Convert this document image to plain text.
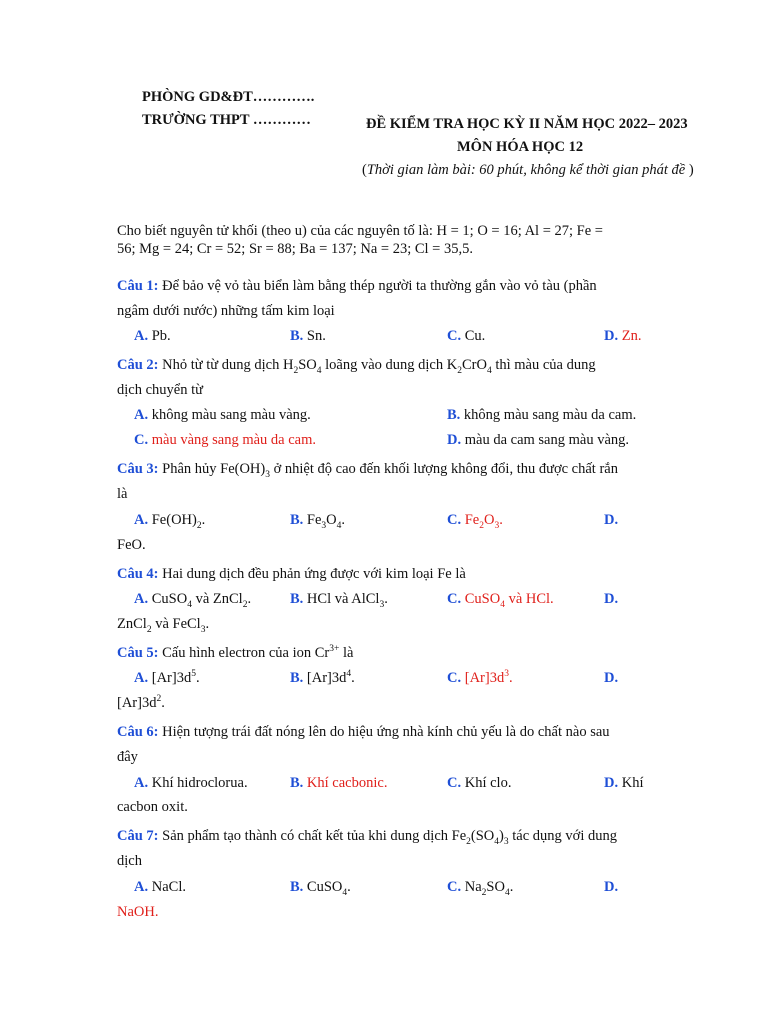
PHÒNG GD&ĐT………….
TRƯỜNG THPT …………	ĐỀ KIỂM TRA HỌC KỲ II NĂM HỌC 2022– 2023
MÔN HÓA HỌC 12
(Thời gian làm bài: 60 phút, không kể thời gian phát đề )
Cho biết nguyên tử khối (theo u) của các nguyên tố là: H = 1; O = 16; Al = 27; Fe =
56; Mg = 24; Cr = 52; Sr = 88; Ba = 137; Na = 23; Cl = 35,5.
Câu 1: Để bảo vệ vỏ tàu biển làm bằng thép người ta thường gắn vào vỏ tàu (phần
ngâm dưới nước) những tấm kim loại
A. Pb.	B. Sn.	C. Cu.	D. Zn.
Câu 2: Nhỏ từ từ dung dịch $H_2SO_4$ loãng vào dung dịch $K_2CrO_4$ thì màu của dung
dịch chuyển từ
A. không màu sang màu vàng.	B. không màu sang màu da cam.
C. màu vàng sang màu da cam.	D. màu da cam sang màu vàng.
Câu 3: Phân hủy $Fe(OH)_3$ ở nhiệt độ cao đến khối lượng không đổi, thu được chất rắn
là
A. $Fe(OH)_2$.	B. $Fe_3O_4$.	C. $Fe_2O_3$.	D.
FeO.
Câu 4: Hai dung dịch đều phản ứng được với kim loại Fe là
A. CuSO$_4$ và ZnCl$_2$.	B. HCl và AlCl$_3$.	C. CuSO$_4$ và HCl.	D.
ZnCl$_2$ và FeCl$_3$.
Câu 5: Cấu hình electron của ion $Cr^{3+}$ là
A. $[Ar]3d^5$.	B. $[Ar]3d^4$.	C. $[Ar]3d^3$.	D.
$[Ar]3d^2$.
Câu 6: Hiện tượng trái đất nóng lên do hiệu ứng nhà kính chủ yếu là do chất nào sau
đây
A. Khí hidroclorua.	B. Khí cacbonic.	C. Khí clo.	D. Khí
cacbon oxit.
Câu 7: Sản phẩm tạo thành có chất kết tủa khi dung dịch $Fe_2(SO_4)_3$ tác dụng với dung
dịch
A. NaCl.	B. CuSO$_4$.	C. $Na_2SO_4$.	D.
NaOH.
